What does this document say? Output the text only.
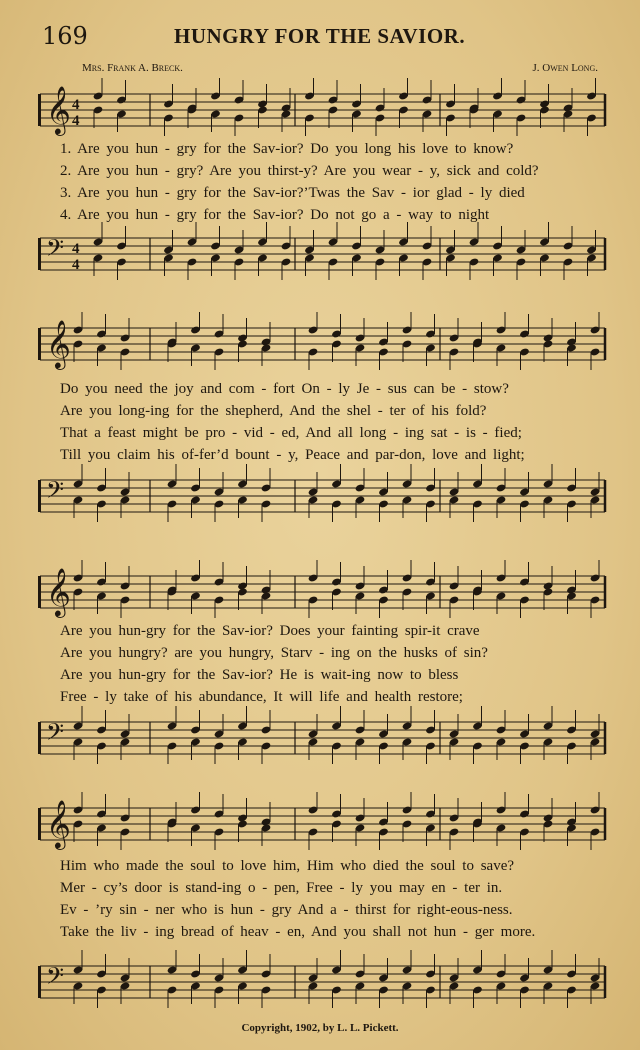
169	HUNGRY FOR THE SAVIOR.
Mrs. Frank A. Breck.	J. Owen Long.
𝄞 4
4
1. Are you hun - gry for the Sav-ior? Do you long his love to know?
2. Are you hun - gry? Are you thirst-y? Are you wear - y, sick and cold?
3. Are you hun - gry for the Sav-ior?’Twas the Sav - ior glad - ly died
4. Are you hun - gry for the Sav-ior? Do not go a - way to night
𝄢 4
4
𝄞
Do you need the joy and com - fort On - ly Je - sus can be - stow?
Are you long-ing for the shepherd, And the shel - ter of his fold?
That a feast might be pro - vid - ed, And all long - ing sat - is - fied;
Till you claim his of-fer’d bount - y, Peace and par-don, love and light;
𝄢
𝄞
Are you hun-gry for the Sav-ior? Does your fainting spir-it crave
Are you hungry? are you hungry, Starv - ing on the husks of sin?
Are you hun-gry for the Sav-ior? He is wait-ing now to bless
Free - ly take of his abundance, It will life and health restore;
𝄢
𝄞
Him who made the soul to love him, Him who died the soul to save?
Mer - cy’s door is stand-ing o - pen, Free - ly you may en - ter in.
Ev - ’ry sin - ner who is hun - gry And a - thirst for right-eous-ness.
Take the liv - ing bread of heav - en, And you shall not hun - ger more.
𝄢
Copyright, 1902, by L. L. Pickett.
